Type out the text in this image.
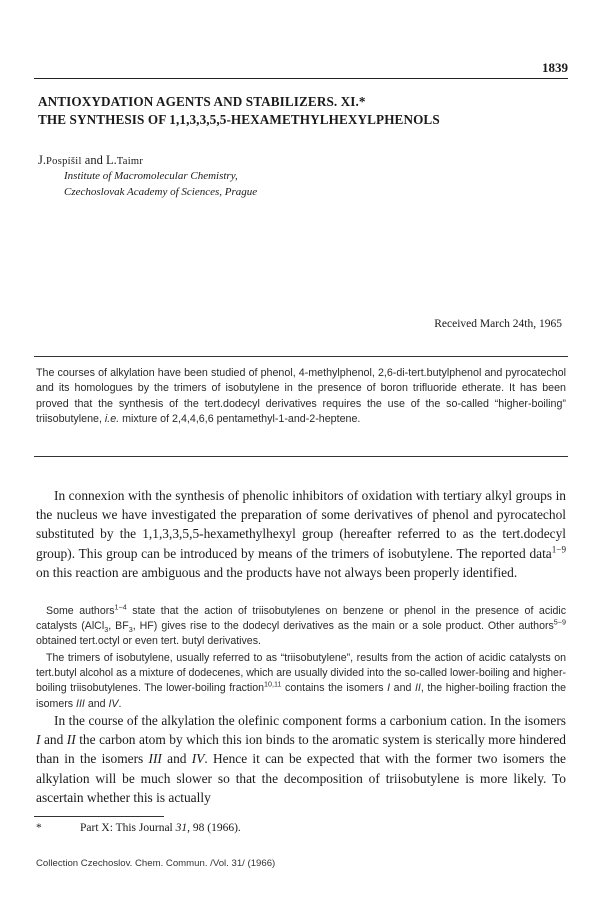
1839
ANTIOXYDATION AGENTS AND STABILIZERS. XI.*
THE SYNTHESIS OF 1,1,3,3,5,5-HEXAMETHYLHEXYLPHENOLS
J.Pospíšil and L.Taimr
Institute of Macromolecular Chemistry,
Czechoslovak Academy of Sciences, Prague
Received March 24th, 1965
The courses of alkylation have been studied of phenol, 4-methylphenol, 2,6-di-tert.butylphenol and pyrocatechol and its homologues by the trimers of isobutylene in the presence of boron trifluoride etherate. It has been proved that the synthesis of the tert.dodecyl derivatives requires the use of the so-called “higher-boiling” triisobutylene, i.e. mixture of 2,4,4,6,6 pentamethyl-1-and-2-heptene.
In connexion with the synthesis of phenolic inhibitors of oxidation with tertiary alkyl groups in the nucleus we have investigated the preparation of some derivatives of phenol and pyrocatechol substituted by the 1,1,3,3,5,5-hexamethylhexyl group (hereafter referred to as the tert.dodecyl group). This group can be introduced by means of the trimers of isobutylene. The reported data$^{1-9}$ on this reaction are ambiguous and the products have not always been properly identified.
Some authors$^{1-4}$ state that the action of triisobutylenes on benzene or phenol in the presence of acidic catalysts (AlCl$_3$, $BF_3$, HF) gives rise to the dodecyl derivatives as the main or a sole product. Other authors$^{5-9}$ obtained tert.octyl or even tert. butyl derivatives.
The trimers of isobutylene, usually referred to as “triisobutylene”, results from the action of acidic catalysts on tert.butyl alcohol as a mixture of dodecenes, which are usually divided into the so-called lower-boiling and higher-boiling triisobutylenes. The lower-boiling fraction$^{10,11}$ contains the isomers I and II, the higher-boiling fraction the isomers III and IV.
In the course of the alkylation the olefinic component forms a carbonium cation. In the isomers I and II the carbon atom by which this ion binds to the aromatic system is sterically more hindered than in the isomers III and IV. Hence it can be expected that with the former two isomers the alkylation will be much slower so that the decomposition of triisobutylene is more likely. To ascertain whether this is actually
*	Part X: This Journal 31, 98 (1966).
Collection Czechoslov. Chem. Commun. /Vol. 31/ (1966)
